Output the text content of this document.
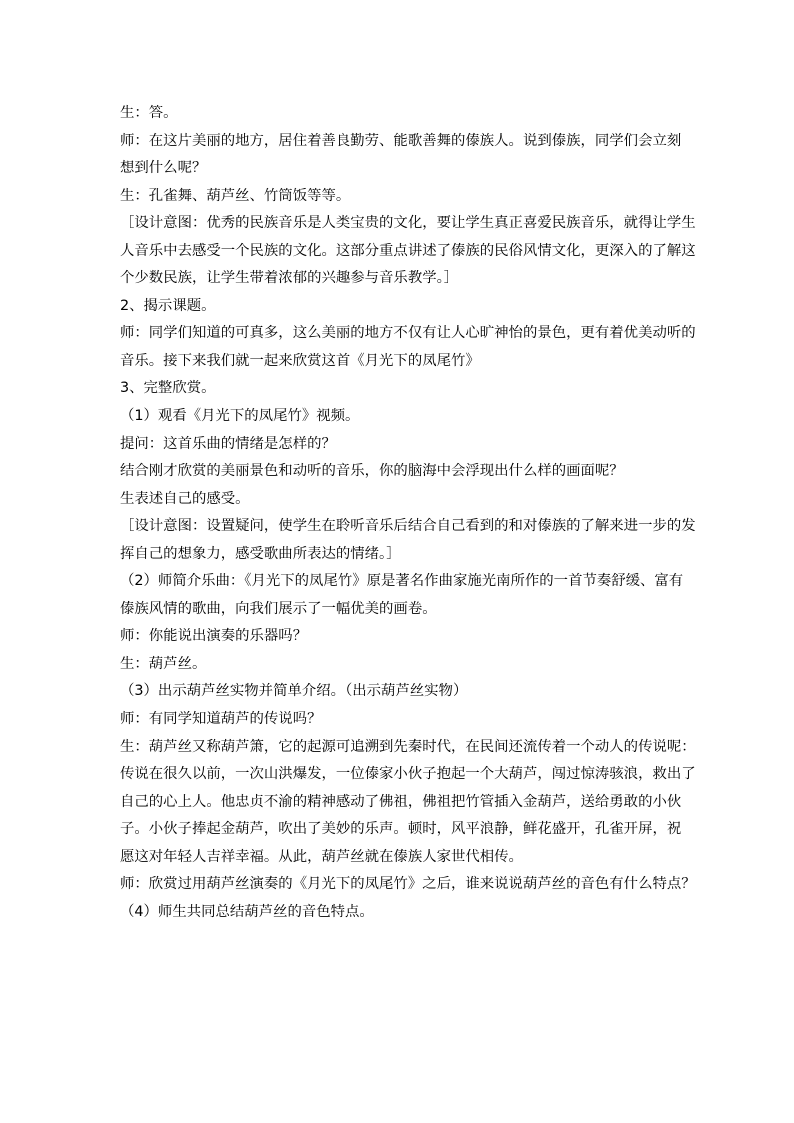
生：答。
师：在这片美丽的地方，居住着善良勤劳、能歌善舞的傣族人。说到傣族，同学们会立刻
想到什么呢？
生：孔雀舞、葫芦丝、竹筒饭等等。
［设计意图：优秀的民族音乐是人类宝贵的文化，要让学生真正喜爱民族音乐，就得让学生
人音乐中去感受一个民族的文化。这部分重点讲述了傣族的民俗风情文化，更深入的了解这
个少数民族，让学生带着浓郁的兴趣参与音乐教学。］
2、揭示课题。
师：同学们知道的可真多，这么美丽的地方不仅有让人心旷神怡的景色，更有着优美动听的
音乐。接下来我们就一起来欣赏这首《月光下的凤尾竹》
3、完整欣赏。
（1）观看《月光下的凤尾竹》视频。
提问：这首乐曲的情绪是怎样的？
结合刚才欣赏的美丽景色和动听的音乐，你的脑海中会浮现出什么样的画面呢？
生表述自己的感受。
［设计意图：设置疑问，使学生在聆听音乐后结合自己看到的和对傣族的了解来进一步的发
挥自己的想象力，感受歌曲所表达的情绪。］
（2）师简介乐曲：《月光下的凤尾竹》原是著名作曲家施光南所作的一首节奏舒缓、富有
傣族风情的歌曲，向我们展示了一幅优美的画卷。
师：你能说出演奏的乐器吗？
生：葫芦丝。
（3）出示葫芦丝实物并简单介绍。（出示葫芦丝实物）
师：有同学知道葫芦的传说吗？
生：葫芦丝又称葫芦箫，它的起源可追溯到先秦时代，在民间还流传着一个动人的传说呢：
传说在很久以前，一次山洪爆发，一位傣家小伙子抱起一个大葫芦，闯过惊涛骇浪，救出了
自己的心上人。他忠贞不渝的精神感动了佛祖，佛祖把竹管插入金葫芦，送给勇敢的小伙
子。小伙子捧起金葫芦，吹出了美妙的乐声。顿时，风平浪静，鲜花盛开，孔雀开屏，祝
愿这对年轻人吉祥幸福。从此，葫芦丝就在傣族人家世代相传。
师：欣赏过用葫芦丝演奏的《月光下的凤尾竹》之后，谁来说说葫芦丝的音色有什么特点？
（4）师生共同总结葫芦丝的音色特点。
